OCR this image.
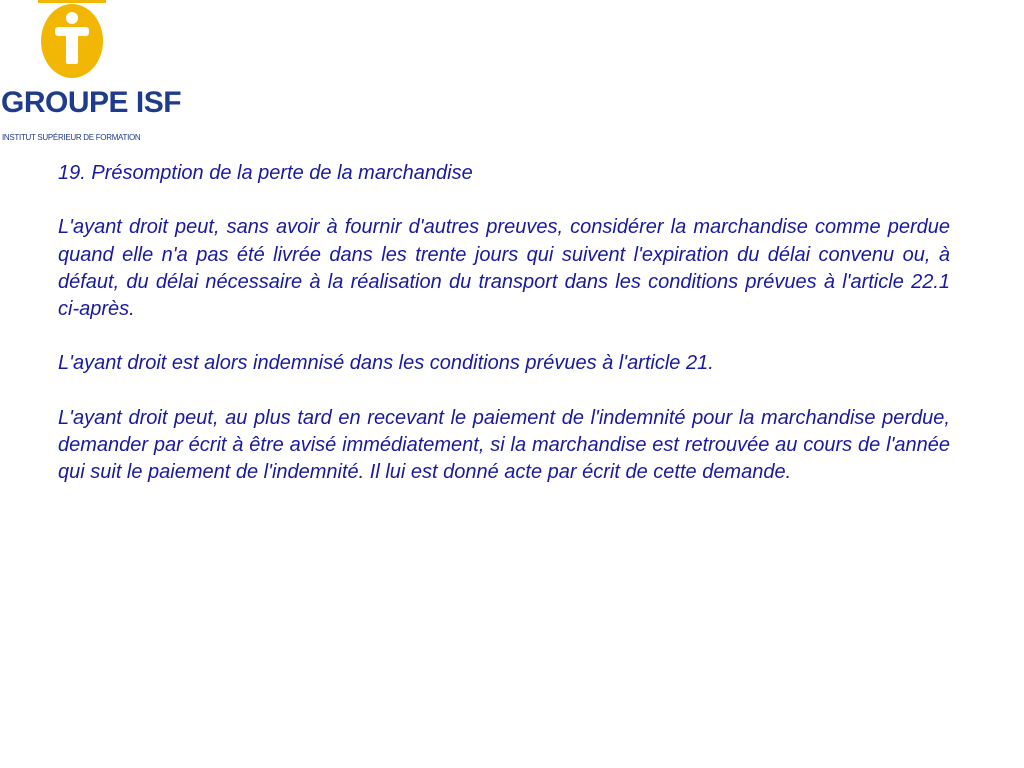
GROUPE ISF
INSTITUT SUPÉRIEUR DE FORMATION

19. Présomption de la perte de la marchandise

L'ayant droit peut, sans avoir à fournir d'autres preuves, considérer la marchandise comme perdue quand elle n'a pas été livrée dans les trente jours qui suivent l'expiration du délai convenu ou, à défaut, du délai nécessaire à la réalisation du transport dans les conditions prévues à l'article 22.1 ci-après.

L'ayant droit est alors indemnisé dans les conditions prévues à l'article 21.

L'ayant droit peut, au plus tard en recevant le paiement de l'indemnité pour la marchandise perdue, demander par écrit à être avisé immédiatement, si la marchandise est retrouvée au cours de l'année qui suit le paiement de l'indemnité. Il lui est donné acte par écrit de cette demande.
